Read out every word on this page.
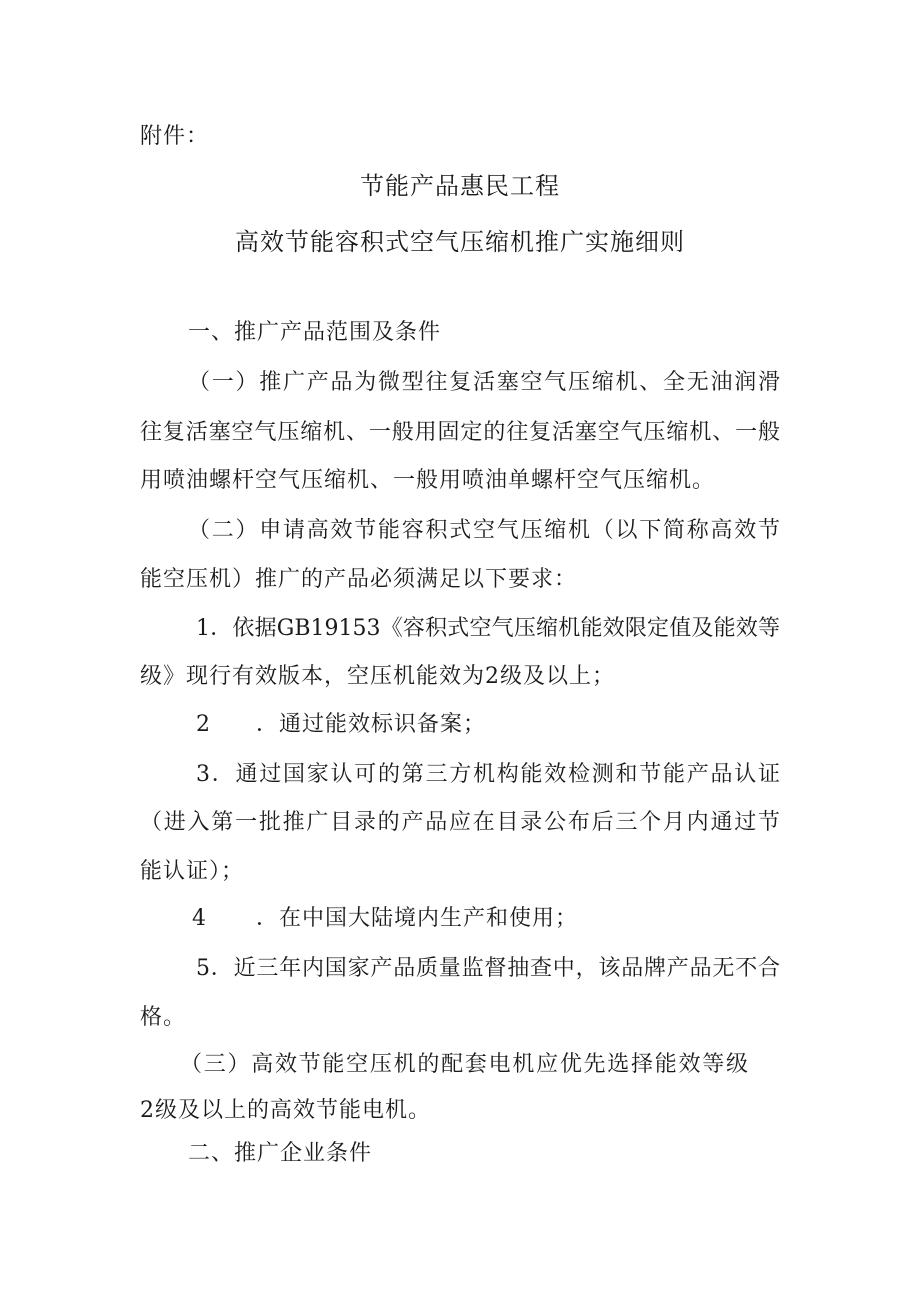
附件：
节能产品惠民工程
高效节能容积式空气压缩机推广实施细则
一、推广产品范围及条件
（一）推广产品为微型往复活塞空气压缩机、全无油润滑
往复活塞空气压缩机、一般用固定的往复活塞空气压缩机、一般
用喷油螺杆空气压缩机、一般用喷油单螺杆空气压缩机。
（二）申请高效节能容积式空气压缩机（以下简称高效节
能空压机）推广的产品必须满足以下要求：
1．依据GB19153《容积式空气压缩机能效限定值及能效等
级》现行有效版本，空压机能效为2级及以上；
2 ．通过能效标识备案；
3．通过国家认可的第三方机构能效检测和节能产品认证
（进入第一批推广目录的产品应在目录公布后三个月内通过节
能认证）；
4 ．在中国大陆境内生产和使用；
5．近三年内国家产品质量监督抽查中，该品牌产品无不合
格。
（三）高效节能空压机的配套电机应优先选择能效等级
2级及以上的高效节能电机。
二、推广企业条件
